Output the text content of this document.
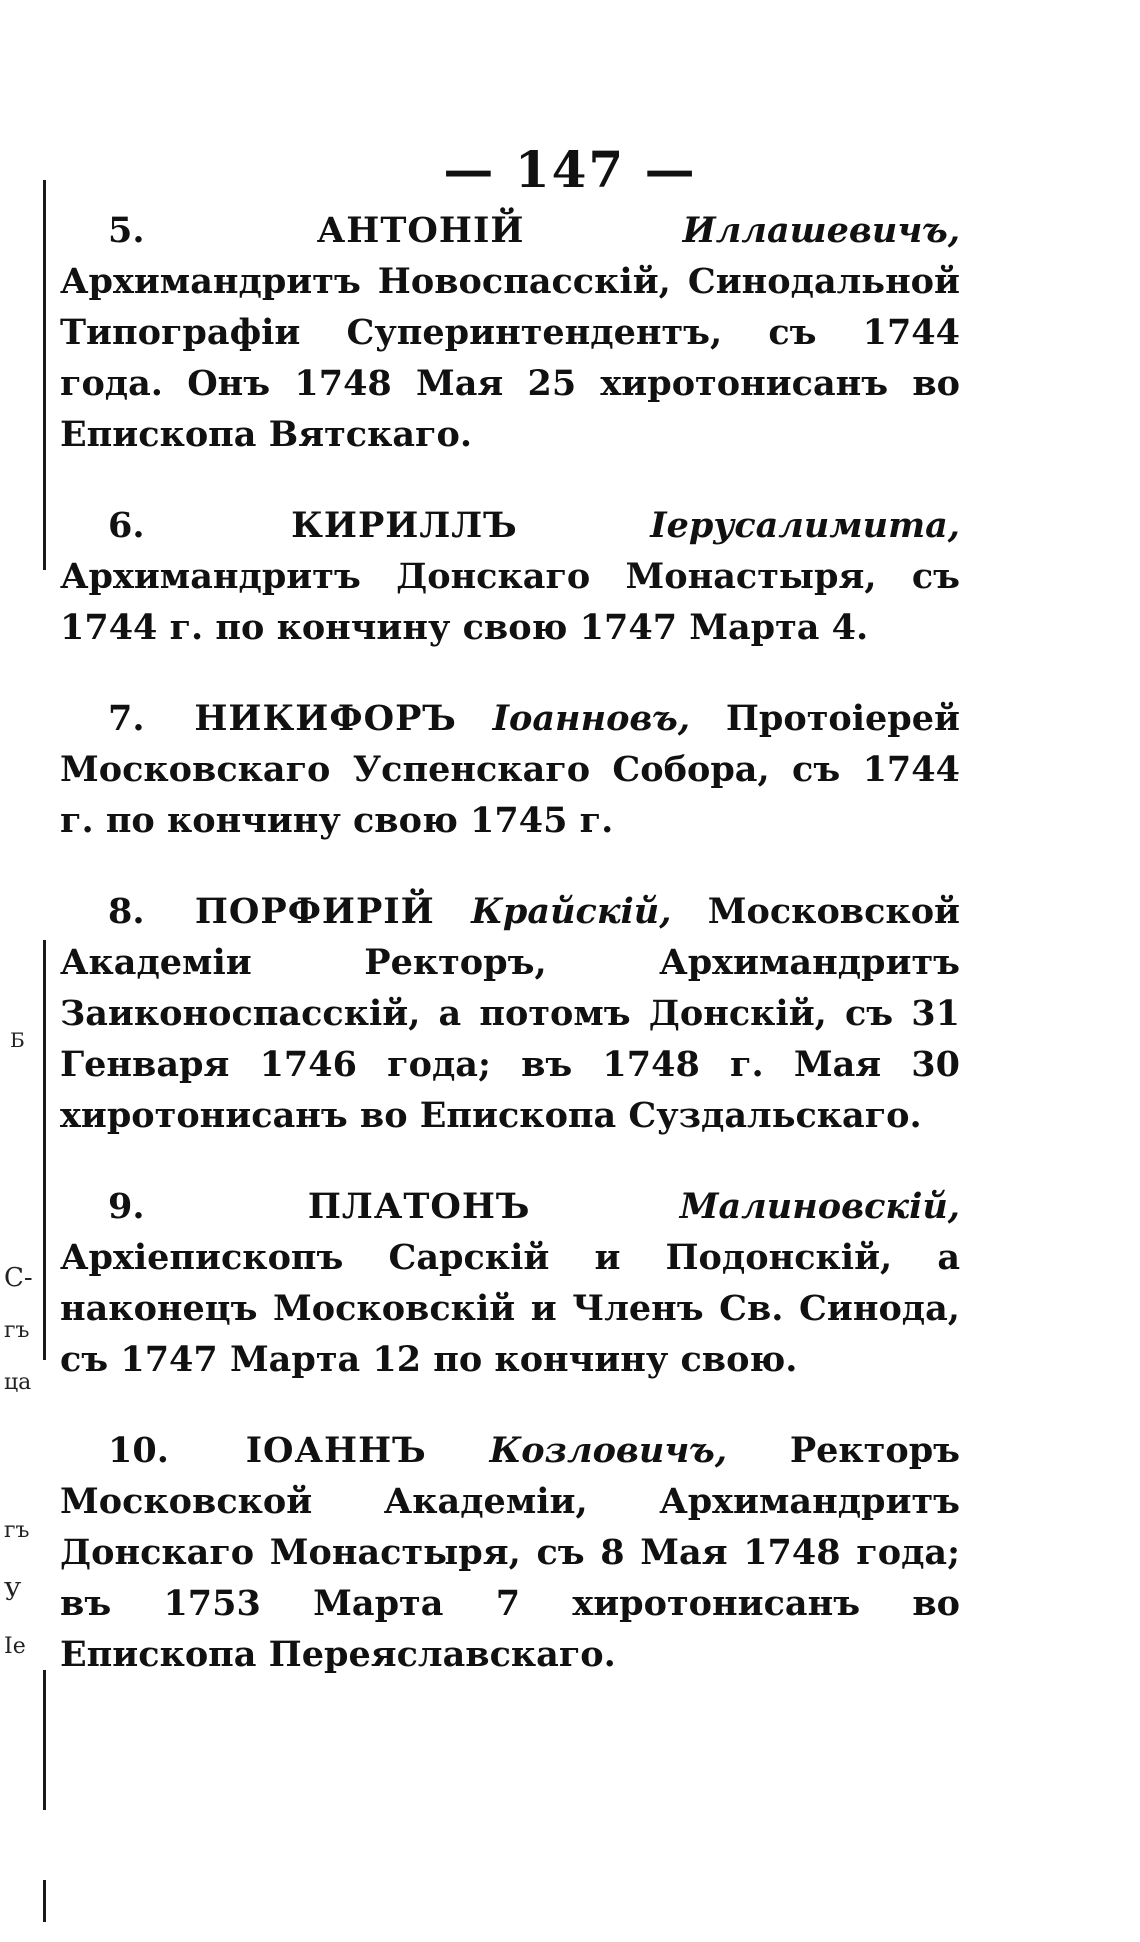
Б
С-
гъ
ца
гъ
У
Іе
— 147 —

5.	АНТОНІЙ	Иллашевичъ, Архимандритъ Новоспасскій, Синодальной Типографіи Суперинтендентъ, съ 1744 года. Онъ 1748 Мая 25 хиротонисанъ во Епископа Вятскаго.

6.	КИРИЛЛЪ	Іерусалимита, Архимандритъ Донскаго Монастыря, съ 1744 г. по кончину свою 1747 Марта 4.

7. НИКИФОРЪ Іоанновъ, Протоіерей Московскаго Успенскаго Собора, съ 1744 г. по кончину свою 1745 г.

8. ПОРФИРІЙ Крайскій, Московской Академіи Ректоръ, Архимандритъ Заиконоспасскій, а потомъ Донскій, съ 31 Генваря 1746 года; въ 1748 г. Мая 30 хиротонисанъ во Епископа Суздальскаго.

9.	ПЛАТОНЪ	Малиновскій, Архіепископъ Сарскій и Подонскій, а наконецъ Московскій и Членъ Св. Синода, съ 1747 Марта 12 по кончину свою.

10. ІОАННЪ Козловичъ, Ректоръ Московской Академіи, Архимандритъ Донскаго Монастыря, съ 8 Мая 1748 года; въ 1753 Марта 7 хиротонисанъ во Епископа Переяславскаго.
